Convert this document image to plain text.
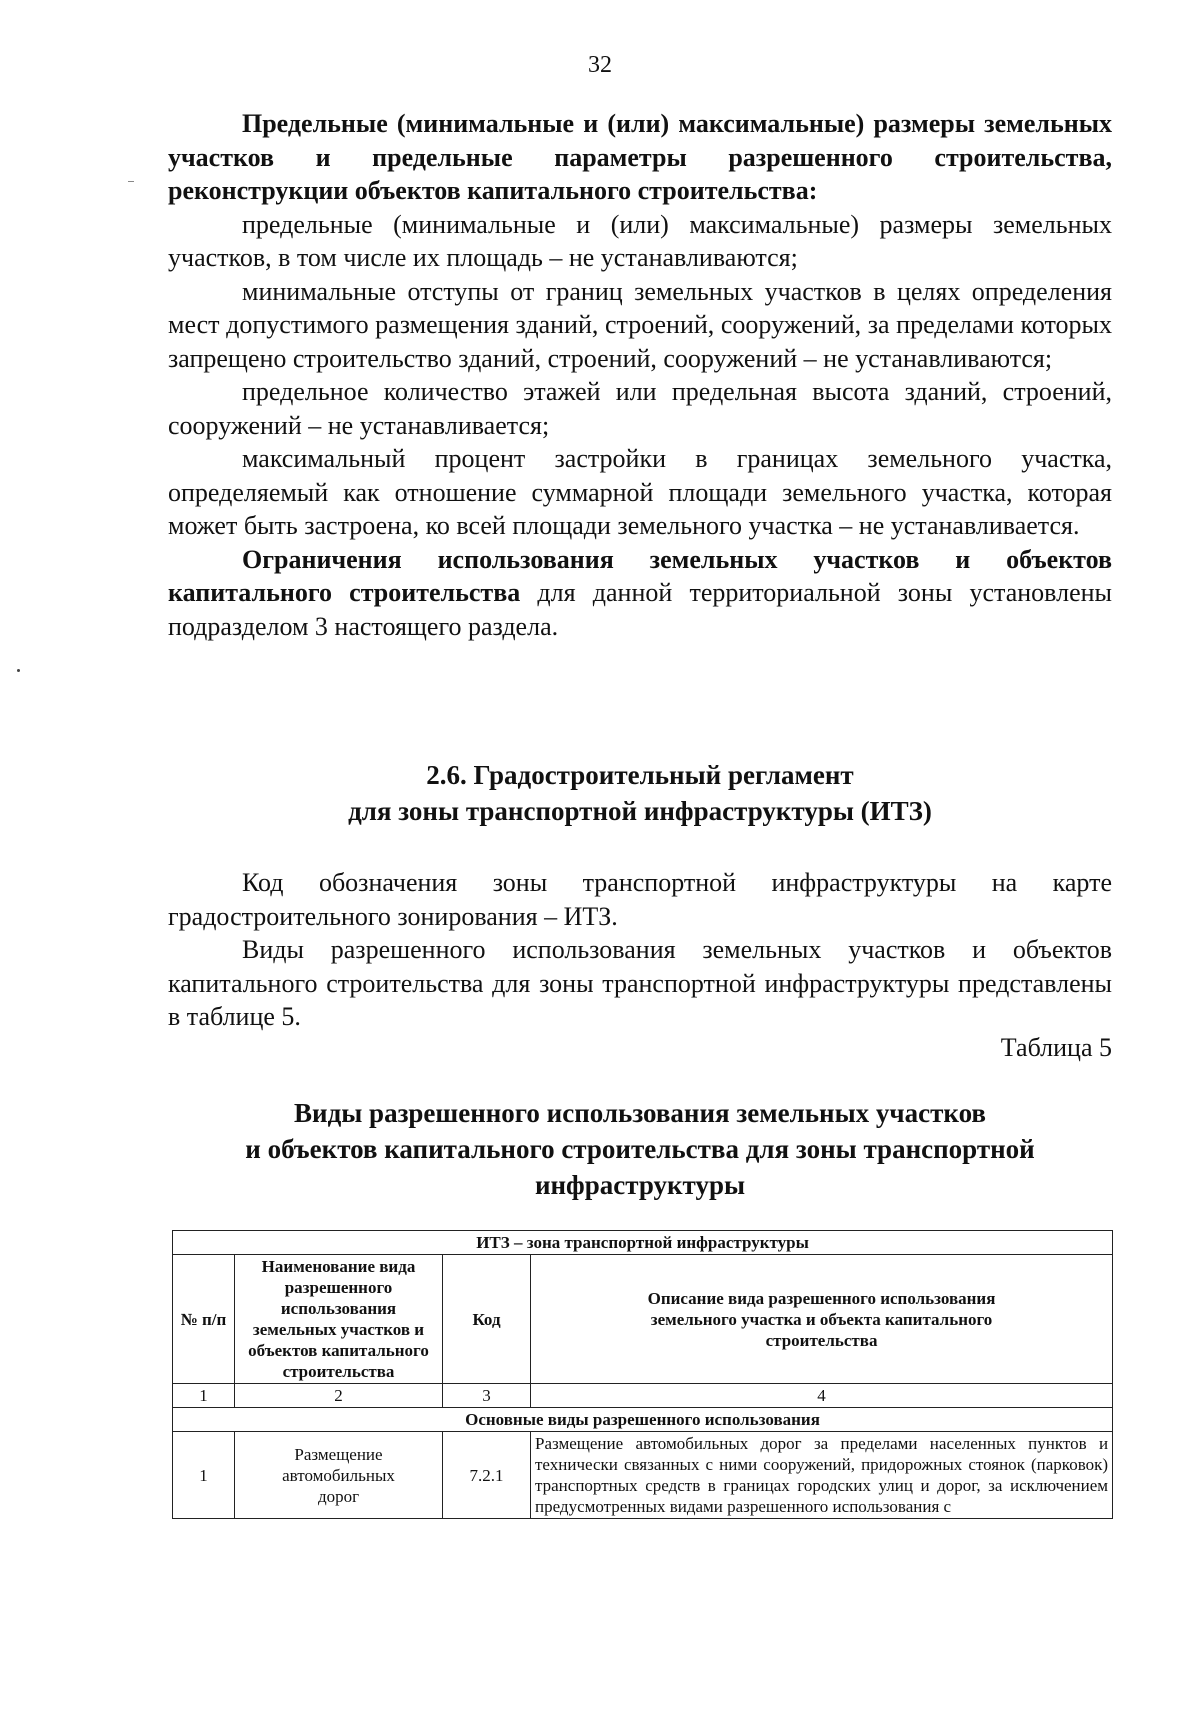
32

Предельные (минимальные и (или) максимальные) размеры земельных участков и предельные параметры разрешенного строительства, реконструкции объектов капитального строительства:

предельные (минимальные и (или) максимальные) размеры земельных участков, в том числе их площадь – не устанавливаются;

минимальные отступы от границ земельных участков в целях определения мест допустимого размещения зданий, строений, сооружений, за пределами которых запрещено строительство зданий, строений, сооружений – не устанавливаются;

предельное количество этажей или предельная высота зданий, строений, сооружений – не устанавливается;

максимальный процент застройки в границах земельного участка, определяемый как отношение суммарной площади земельного участка, которая может быть застроена, ко всей площади земельного участка – не устанавливается.

Ограничения использования земельных участков и объектов капитального строительства для данной территориальной зоны установлены подразделом 3 настоящего раздела.

2.6. Градостроительный регламент
для зоны транспортной инфраструктуры (ИТЗ)

Код обозначения зоны транспортной инфраструктуры на карте градостроительного зонирования – ИТЗ.

Виды разрешенного использования земельных участков и объектов капитального строительства для зоны транспортной инфраструктуры представлены в таблице 5.

Таблица 5
Виды разрешенного использования земельных участков
и объектов капитального строительства для зоны транспортной
инфраструктуры
ИТЗ – зона транспортной инфраструктуры			
№ п/п	Наименование вида разрешенного использования земельных участков и объектов капитального строительства	Код	Описание вида разрешенного использования земельного участка и объекта капитального строительства
1	2	3	4
Основные виды разрешенного использования			
1	Размещение автомобильных дорог	7.2.1	Размещение автомобильных дорог за пределами населенных пунктов и технически связанных с ними сооружений, придорожных стоянок (парковок) транспортных средств в границах городских улиц и дорог, за исключением предусмотренных видами разрешенного использования с
